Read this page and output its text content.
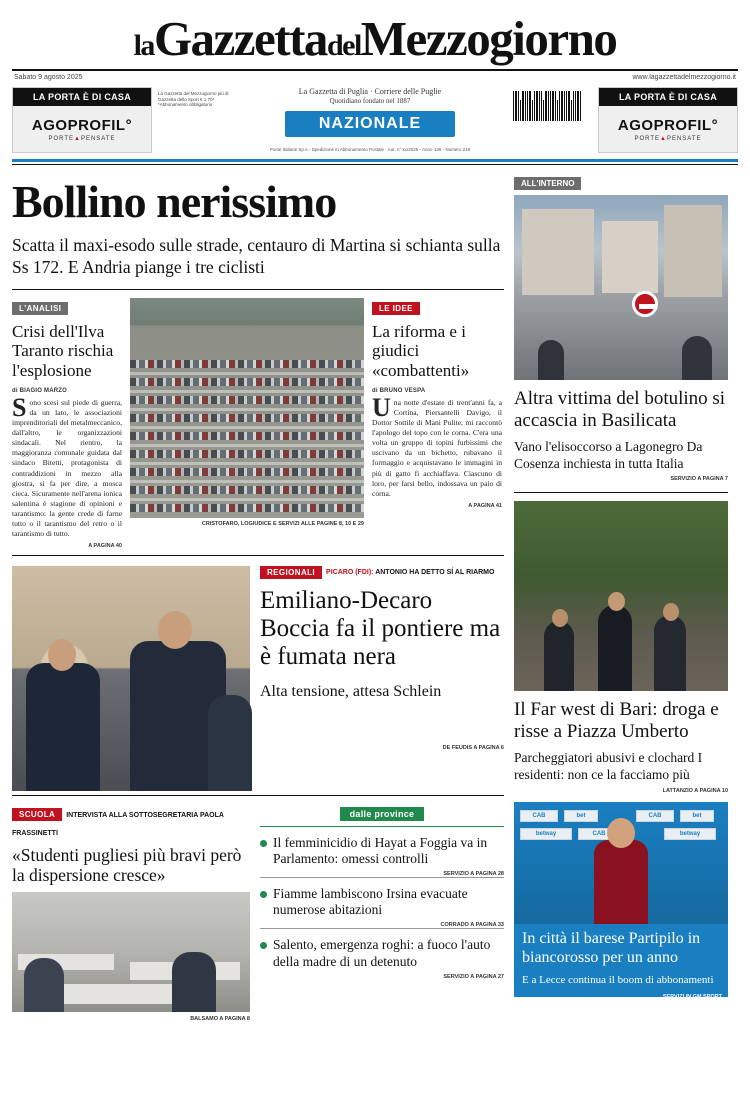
laGazzettadelMezzogiorno
Sabato 9 agosto 2025	www.lagazzettadelmezzogiorno.it
LA PORTA È DI CASA
AGOPROFIL°
PORTE▲PENSATE
La Gazzetta del Mezzogiorno più di Gazzetta dello Sport € 1,70* *Abbonamento obbligatorio
La Gazzetta di Puglia · Corriere delle Puglie
Quotidiano fondato nel 1887
NAZIONALE
Poste Italiane Sp.a - Spedizione in Abbonamento Postale - Aut. n° xx/2025 - Anno 139 - Numero 218
LA PORTA È DI CASA
AGOPROFIL°
PORTE▲PENSATE
Bollino nerissimo
Scatta il maxi-esodo sulle strade, centauro di Martina si schianta sulla Ss 172. E Andria piange i tre ciclisti
L'ANALISI
Crisi dell'Ilva Taranto rischia l'esplosione
di BIAGIO MARZO
Sono scesi sul piede di guerra, da un lato, le associazioni imprenditoriali del metalmeccanico, dall'altro, le organizzazioni sindacali. Nel rientro, la maggioranza comunale guidata dal sindaco Bitetti, protagonista di contraddizioni in mezzo alla giostra, si fa per dire, a mosca cieca. Sicuramente nell'arena ionica salentina è stagione di opinioni e tarantismo: la gente crede di farne tutto o il tarantismo del retro o il tarantismo di tutto.
A PAGINA 40
CRISTOFARO, LOGIUDICE E SERVIZI ALLE PAGINE 8, 10 E 29
LE IDEE
La riforma e i giudici «combattenti»
di BRUNO VESPA
Una notte d'estate di trent'anni fa, a Cortina, Piersantelli Davigo, il Dottor Sottile di Mani Pulite, mi raccontò l'apologo del topo con le corna. C'era una volta un gruppo di topini furbissimi che uscivano da un bichetto, rubavano il formaggio e acquistavano le immagini in più di gatto fi acchiaffava. Ciascuno di loro, per farsi bello, indossava un paio di corna.
A PAGINA 41
REGIONALI	PICARO (FDI): ANTONIO HA DETTO SÍ AL RIARMO
Emiliano-Decaro Boccia fa il pontiere ma è fumata nera
Alta tensione, attesa Schlein
DE FEUDIS A PAGINA 6
SCUOLA INTERVISTA ALLA SOTTOSEGRETARIA PAOLA FRASSINETTI
«Studenti pugliesi più bravi però la dispersione cresce»
BALSAMO A PAGINA 8
dalle province
Il femminicidio di Hayat a Foggia va in Parlamento: omessi controlli
SERVIZIO A PAGINA 28
Fiamme lambiscono Irsina evacuate numerose abitazioni
CORRADO A PAGINA 33
Salento, emergenza roghi: a fuoco l'auto della madre di un detenuto
SERVIZIO A PAGINA 27
ALL'INTERNO
Altra vittima del botulino si accascia in Basilicata
Vano l'elisoccorso a Lagonegro Da Cosenza inchiesta in tutta Italia
SERVIZIO A PAGINA 7
Il Far west di Bari: droga e risse a Piazza Umberto
Parcheggiatori abusivi e clochard I residenti: non ce la facciamo più
LATTANZIO A PAGINA 10
CAB	bet	CAB	bet
betway	CAB	betway
In città il barese Partipilo in biancorosso per un anno
E a Lecce continua il boom di abbonamenti
SERVIZI IN GM SPORT
